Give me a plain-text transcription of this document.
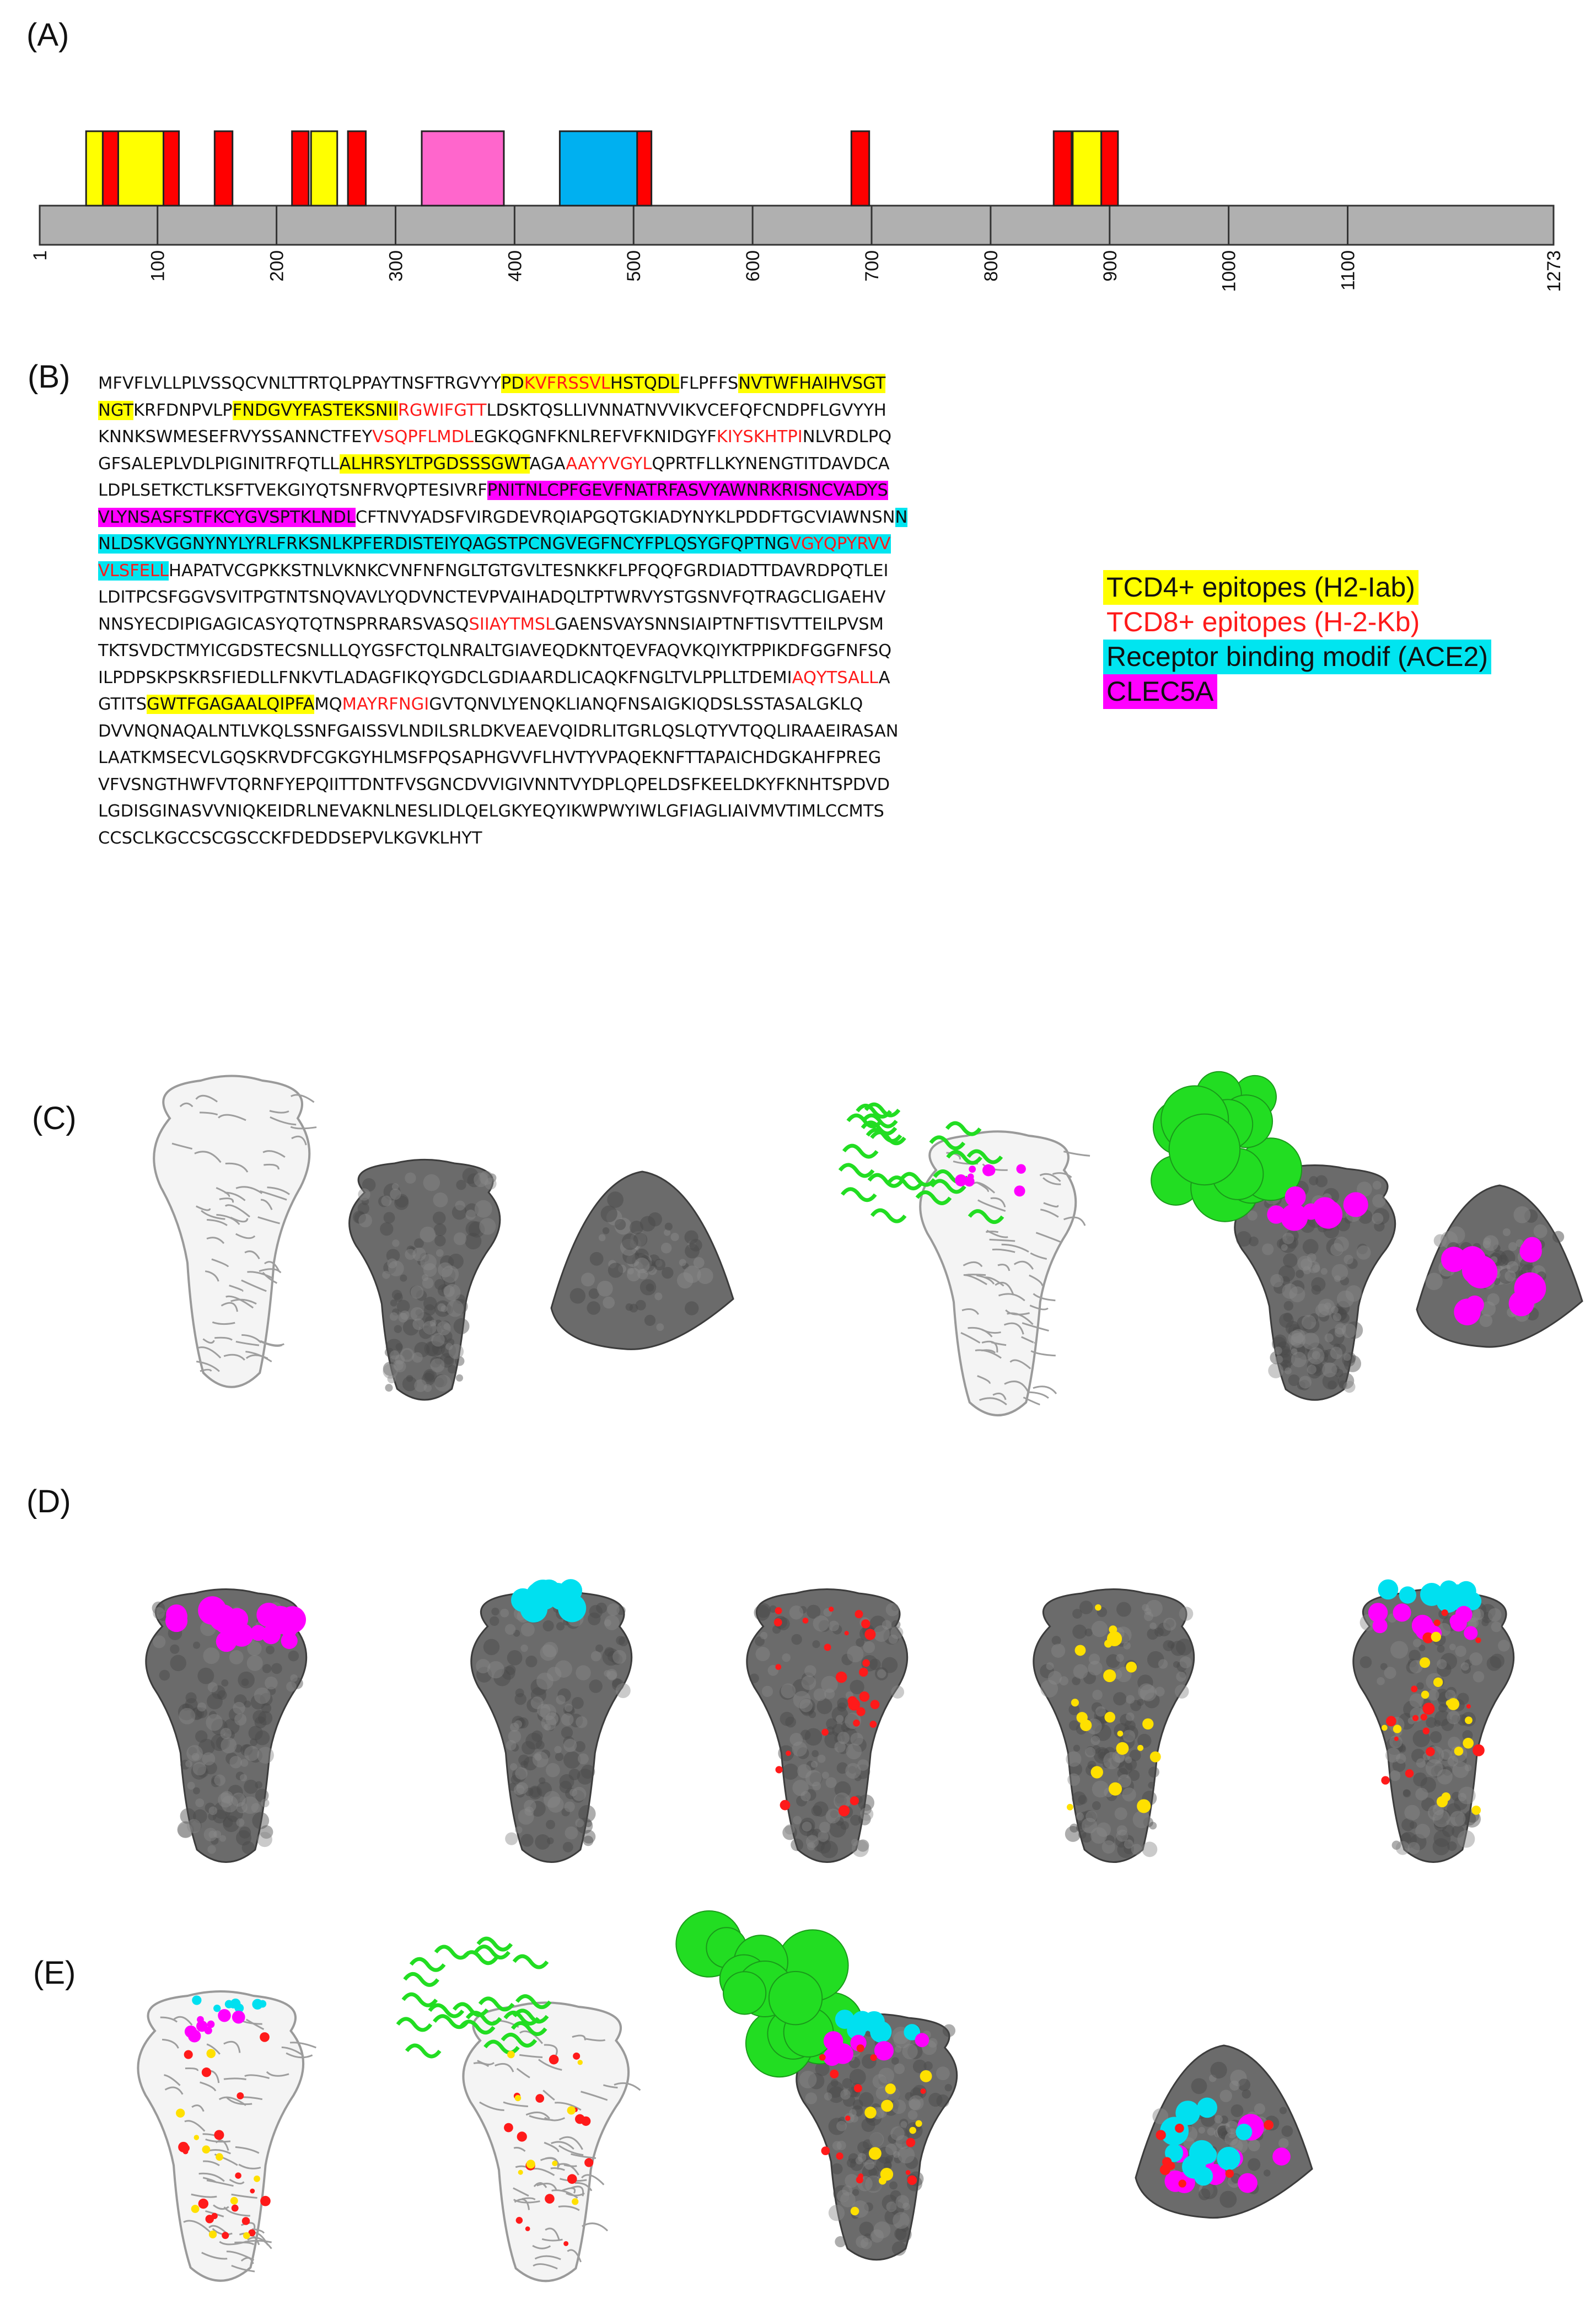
(A)
(B)
(C)
(D)
(E)
1	100	200	300	400	500	600	700	800	900	1000	1100	1273
MFVFLVLLPLVSSQCVNLTTRTQLPPAYTNSFTRGVYYPDKVFRSSVLHSTQDLFLPFFSNVTWFHAIHVSGT
NGTKRFDNPVLPFNDGVYFASTEKSNIIRGWIFGTTLDSKTQSLLIVNNATNVVIKVCEFQFCNDPFLGVYYH
KNNKSWMESEFRVYSSANNCTFEYVSQPFLMDLEGKQGNFKNLREFVFKNIDGYFKIYSKHTPINLVRDLPQ
GFSALEPLVDLPIGINITRFQTLLALHRSYLTPGDSSSGWTAGAAAYYVGYLQPRTFLLKYNENGTITDAVDCA
LDPLSETKCTLKSFTVEKGIYQTSNFRVQPTESIVRFPNITNLCPFGEVFNATRFASVYAWNRKRISNCVADYS
VLYNSASFSTFKCYGVSPTKLNDLCFTNVYADSFVIRGDEVRQIAPGQTGKIADYNYKLPDDFTGCVIAWNSNN
NLDSKVGGNYNYLYRLFRKSNLKPFERDISTEIYQAGSTPCNGVEGFNCYFPLQSYGFQPTNGVGYQPYRVV
VLSFELLHAPATVCGPKKSTNLVKNKCVNFNFNGLTGTGVLTESNKKFLPFQQFGRDIADTTDAVRDPQTLEI
LDITPCSFGGVSVITPGTNTSNQVAVLYQDVNCTEVPVAIHADQLTPTWRVYSTGSNVFQTRAGCLIGAEHV
NNSYECDIPIGAGICASYQTQTNSPRRARSVASQSIIAYTMSLGAENSVAYSNNSIAIPTNFTISVTTEILPVSM
TKTSVDCTMYICGDSTECSNLLLQYGSFCTQLNRALTGIAVEQDKNTQEVFAQVKQIYKTPPIKDFGGFNFSQ
ILPDPSKPSKRSFIEDLLFNKVTLADAGFIKQYGDCLGDIAARDLICAQKFNGLTVLPPLLTDEMIAQYTSALLA
GTITSGWTFGAGAALQIPFAMQMAYRFNGIGVTQNVLYENQKLIANQFNSAIGKIQDSLSSTASALGKLQ
DVVNQNAQALNTLVKQLSSNFGAISSVLNDILSRLDKVEAEVQIDRLITGRLQSLQTYVTQQLIRAAEIRASAN
LAATKMSECVLGQSKRVDFCGKGYHLMSFPQSAPHGVVFLHVTYVPAQEKNFTTAPAICHDGKAHFPREG
VFVSNGTHWFVTQRNFYEPQIITTDNTFVSGNCDVVIGIVNNTVYDPLQPELDSFKEELDKYFKNHTSPDVD
LGDISGINASVVNIQKEIDRLNEVAKNLNESLIDLQELGKYEQYIKWPWYIWLGFIAGLIAIVMVTIMLCCMTS
CCSCLKGCCSCGSCCKFDEDDSEPVLKGVKLHYT
TCD4+ epitopes (H2-Iab)TCD8+ epitopes (H-2-Kb)Receptor binding modif (ACE2)CLEC5A
